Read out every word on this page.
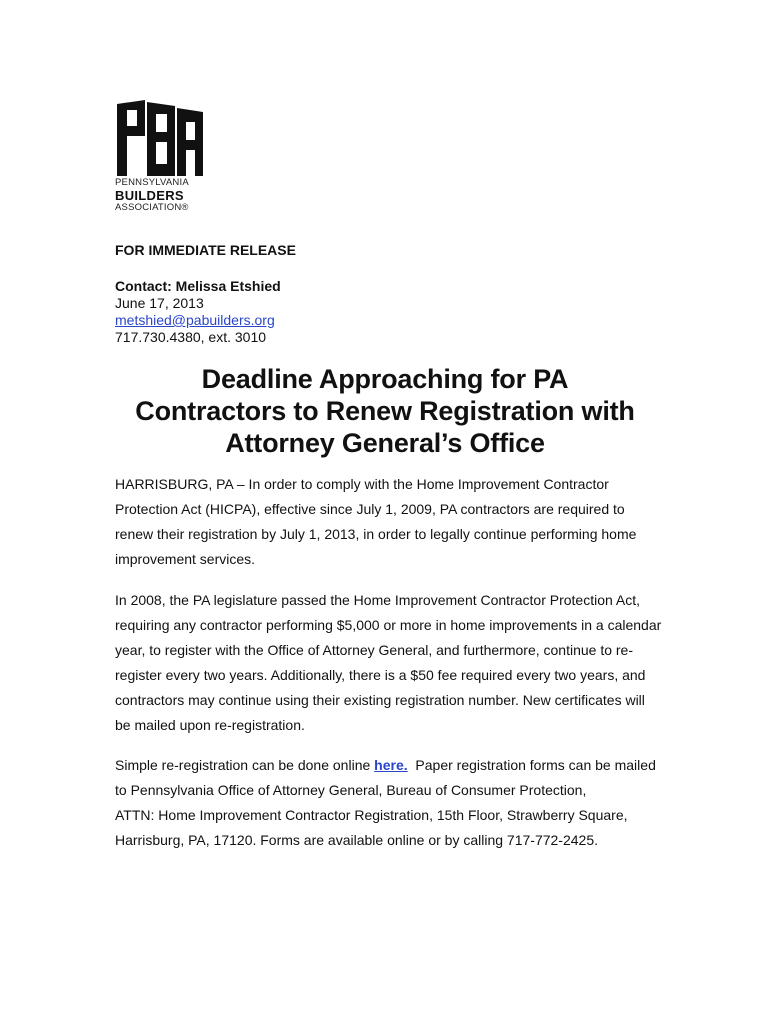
PENNSYLVANIA
BUILDERS
ASSOCIATION®
FOR IMMEDIATE RELEASE
Contact: Melissa Etshied
June 17, 2013
metshied@pabuilders.org
717.730.4380, ext. 3010
Deadline Approaching for PA
Contractors to Renew Registration with
Attorney General’s Office
HARRISBURG, PA – In order to comply with the Home Improvement Contractor
Protection Act (HICPA), effective since July 1, 2009, PA contractors are required to
renew their registration by July 1, 2013, in order to legally continue performing home
improvement services.
In 2008, the PA legislature passed the Home Improvement Contractor Protection Act,
requiring any contractor performing $5,000 or more in home improvements in a calendar
year, to register with the Office of Attorney General, and furthermore, continue to re-
register every two years. Additionally, there is a $50 fee required every two years, and
contractors may continue using their existing registration number. New certificates will
be mailed upon re-registration.
Simple re-registration can be done online here.  Paper registration forms can be mailed
to Pennsylvania Office of Attorney General, Bureau of Consumer Protection,
ATTN: Home Improvement Contractor Registration, 15th Floor, Strawberry Square,
Harrisburg, PA, 17120. Forms are available online or by calling 717-772-2425.
